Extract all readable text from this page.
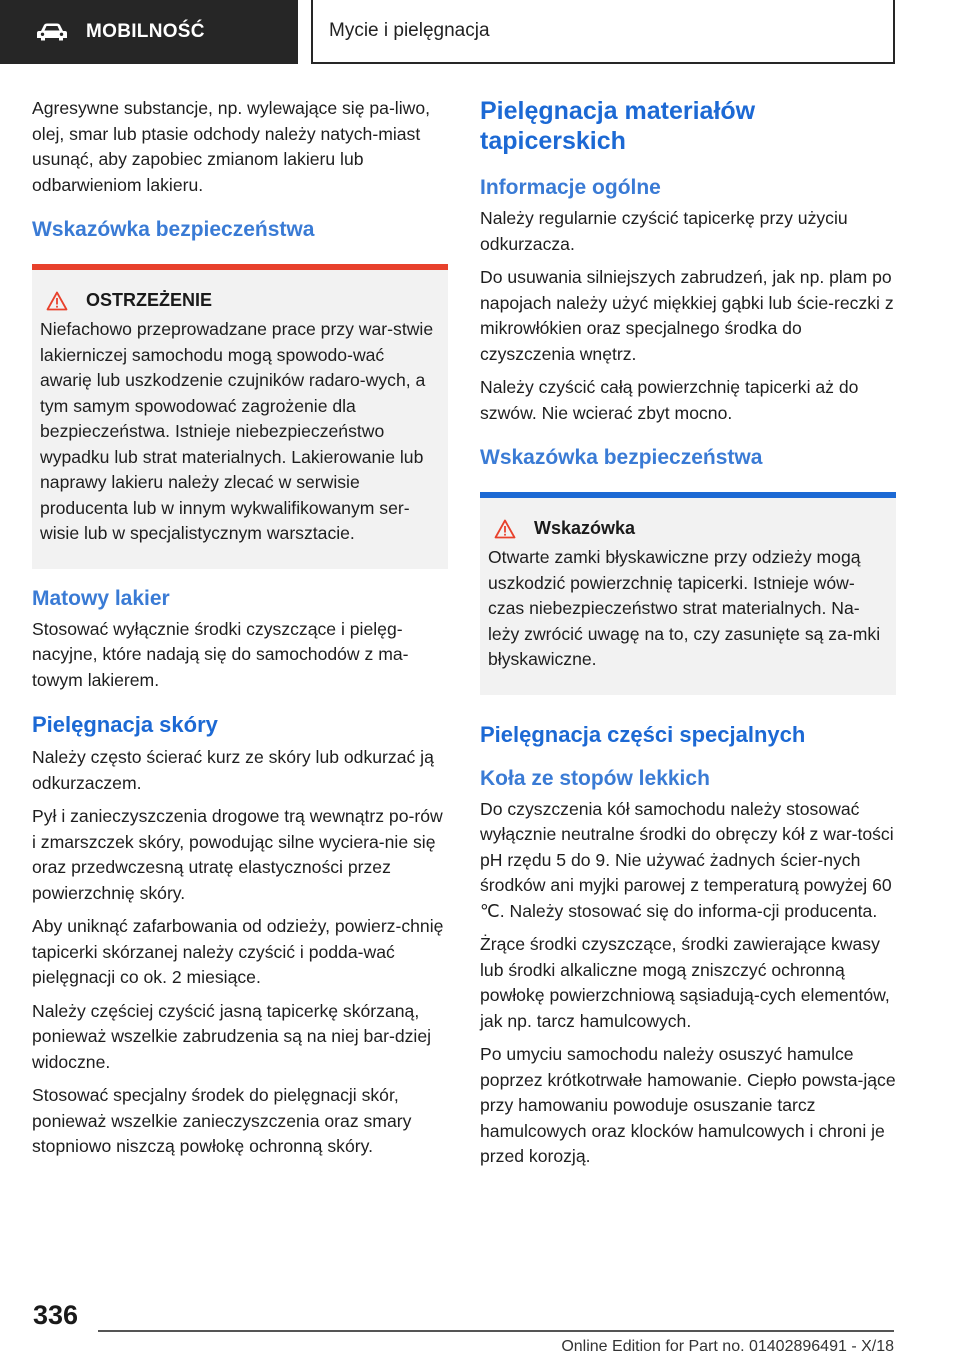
MOBILNOŚĆ	Mycie i pielęgnacja

Agresywne substancje, np. wylewające się pa-liwo, olej, smar lub ptasie odchody należy natych-miast usunąć, aby zapobiec zmianom lakieru lub odbarwieniom lakieru.

Wskazówka bezpieczeństwa
OSTRZEŻENIE

Niefachowo przeprowadzane prace przy war-stwie lakierniczej samochodu mogą spowodo-wać awarię lub uszkodzenie czujników radaro-wych, a tym samym spowodować zagrożenie dla bezpieczeństwa. Istnieje niebezpieczeństwo wypadku lub strat materialnych. Lakierowanie lub naprawy lakieru należy zlecać w serwisie producenta lub w innym wykwalifikowanym ser-wisie lub w specjalistycznym warsztacie.

Matowy lakier

Stosować wyłącznie środki czyszczące i pielęg-nacyjne, które nadają się do samochodów z ma-towym lakierem.

Pielęgnacja skóry

Należy często ścierać kurz ze skóry lub odkurzać ją odkurzaczem.

Pył i zanieczyszczenia drogowe trą wewnątrz po-rów i zmarszczek skóry, powodując silne wyciera-nie się oraz przedwczesną utratę elastyczności przez powierzchnię skóry.

Aby uniknąć zafarbowania od odzieży, powierz-chnię tapicerki skórzanej należy czyścić i podda-wać pielęgnacji co ok. 2 miesiące.

Należy częściej czyścić jasną tapicerkę skórzaną, ponieważ wszelkie zabrudzenia są na niej bar-dziej widoczne.

Stosować specjalny środek do pielęgnacji skór, ponieważ wszelkie zanieczyszczenia oraz smary stopniowo niszczą powłokę ochronną skóry.

Pielęgnacja materiałów tapicerskich
Informacje ogólne

Należy regularnie czyścić tapicerkę przy użyciu odkurzacza.

Do usuwania silniejszych zabrudzeń, jak np. plam po napojach należy użyć miękkiej gąbki lub ście-reczki z mikrowłókien oraz specjalnego środka do czyszczenia wnętrz.

Należy czyścić całą powierzchnię tapicerki aż do szwów. Nie wcierać zbyt mocno.

Wskazówka bezpieczeństwa
Wskazówka

Otwarte zamki błyskawiczne przy odzieży mogą uszkodzić powierzchnię tapicerki. Istnieje wów-czas niebezpieczeństwo strat materialnych. Na-leży zwrócić uwagę na to, czy zasunięte są za-mki błyskawiczne.

Pielęgnacja części specjalnych
Koła ze stopów lekkich

Do czyszczenia kół samochodu należy stosować wyłącznie neutralne środki do obręczy kół z war-tości pH rzędu 5 do 9. Nie używać żadnych ścier-nych środków ani myjki parowej z temperaturą powyżej 60 ℃. Należy stosować się do informa-cji producenta.

Żrące środki czyszczące, środki zawierające kwasy lub środki alkaliczne mogą zniszczyć ochronną powłokę powierzchniową sąsiadują-cych elementów, jak np. tarcz hamulcowych.

Po umyciu samochodu należy osuszyć hamulce poprzez krótkotrwałe hamowanie. Ciepło powsta-jące przy hamowaniu powoduje osuszanie tarcz hamulcowych oraz klocków hamulcowych i chroni je przed korozją.

336
Online Edition for Part no. 01402896491 - X/18
